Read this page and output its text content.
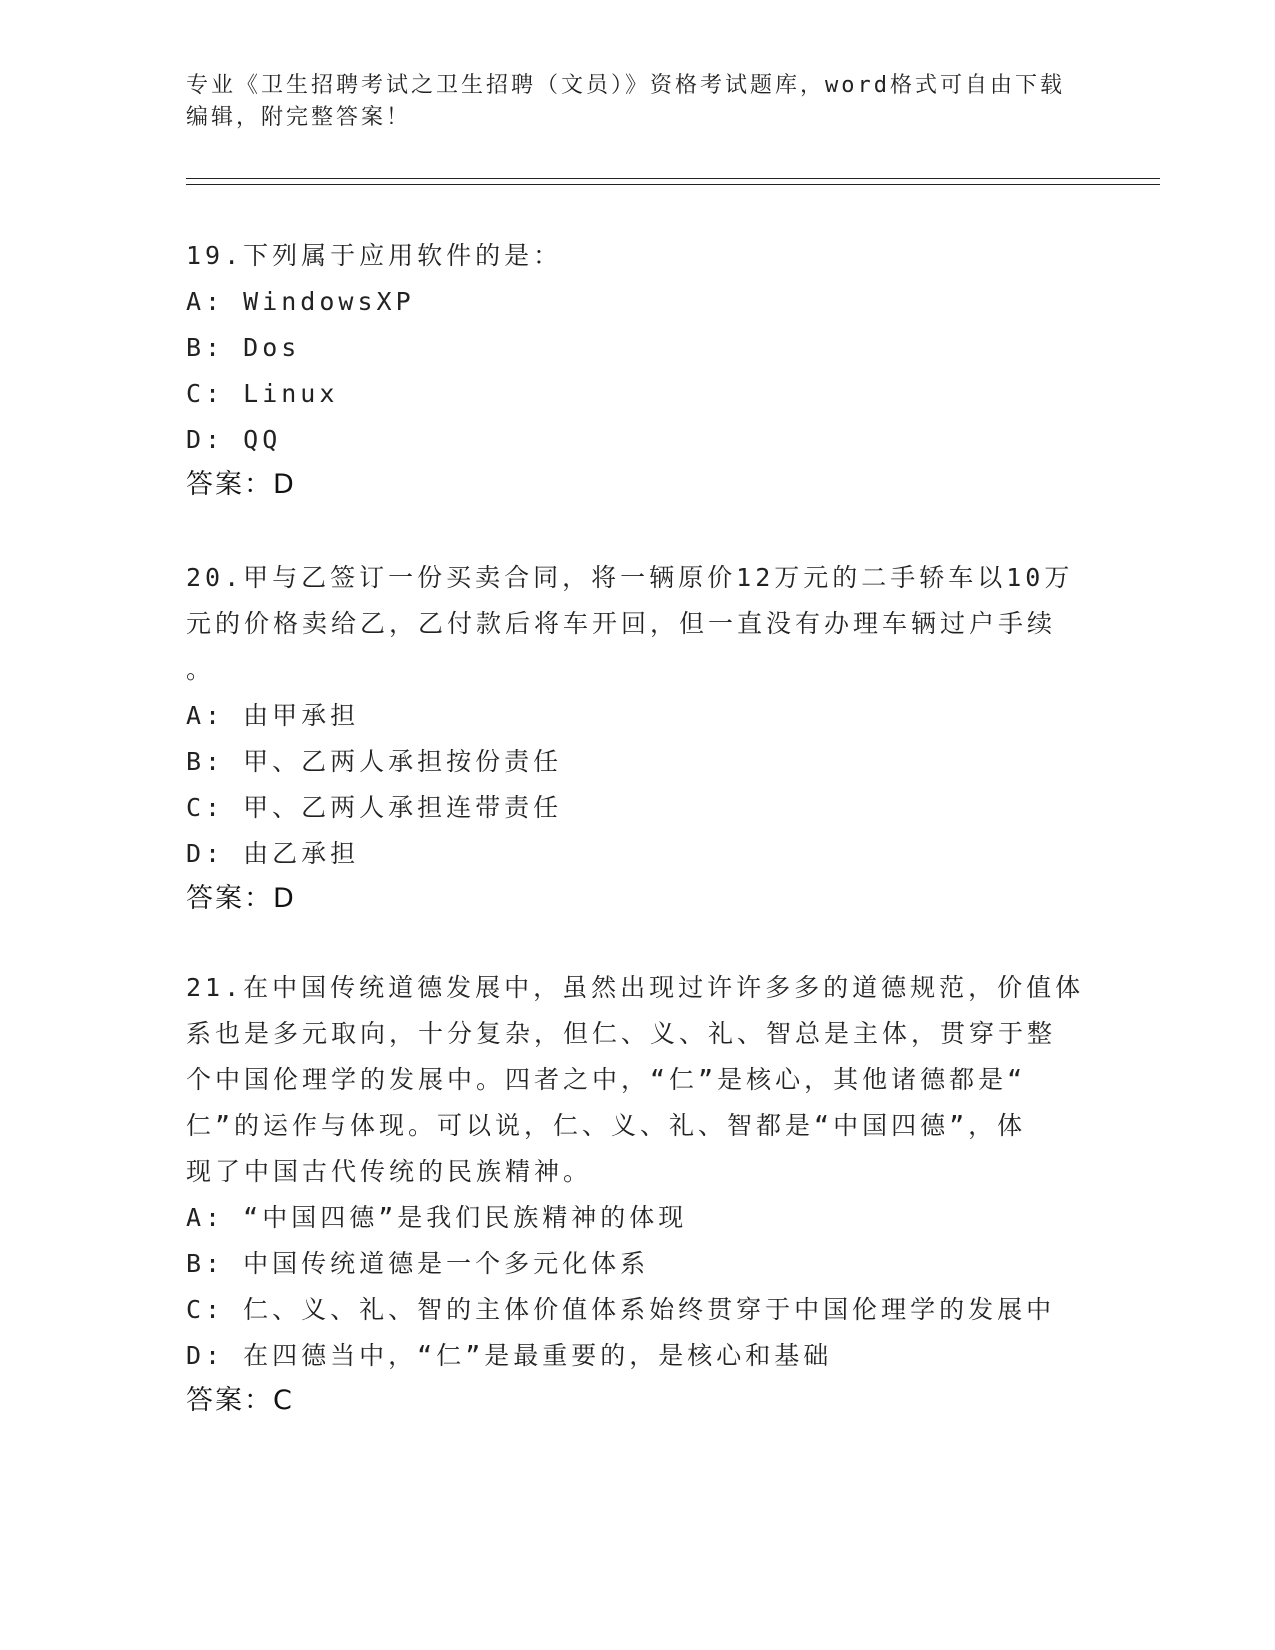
专业《卫生招聘考试之卫生招聘（文员）》资格考试题库，word格式可自由下载
编辑，附完整答案！

19.下列属于应用软件的是：

A: WindowsXP

B: Dos

C: Linux

D: QQ

答案：D

20.甲与乙签订一份买卖合同，将一辆原价12万元的二手轿车以10万

元的价格卖给乙，乙付款后将车开回，但一直没有办理车辆过户手续

。

A: 由甲承担

B: 甲、乙两人承担按份责任

C: 甲、乙两人承担连带责任

D: 由乙承担

答案：D

21.在中国传统道德发展中，虽然出现过许许多多的道德规范，价值体

系也是多元取向，十分复杂，但仁、义、礼、智总是主体，贯穿于整

个中国伦理学的发展中。四者之中，“仁”是核心，其他诸德都是“

仁”的运作与体现。可以说，仁、义、礼、智都是“中国四德”，体

现了中国古代传统的民族精神。

A: “中国四德”是我们民族精神的体现

B: 中国传统道德是一个多元化体系

C: 仁、义、礼、智的主体价值体系始终贯穿于中国伦理学的发展中

D: 在四德当中，“仁”是最重要的，是核心和基础

答案：C
